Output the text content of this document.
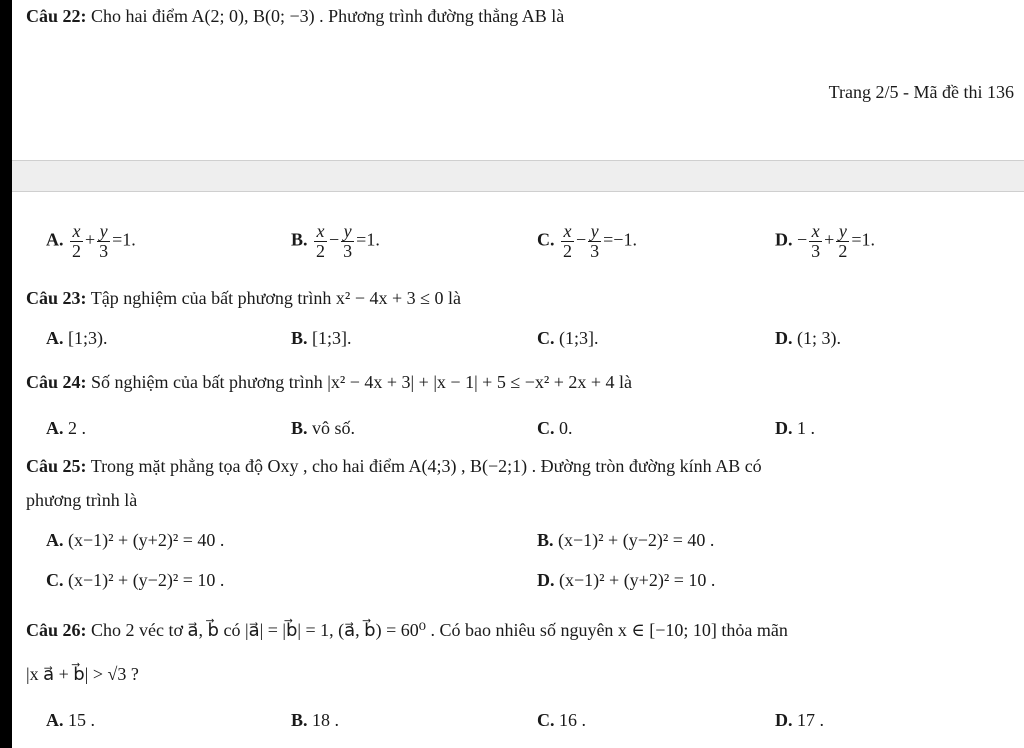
Câu 22: Cho hai điểm A(2; 0), B(0; −3) . Phương trình đường thẳng AB là
Trang 2/5 - Mã đề thi 136
A. $\frac{x}{2} + \frac{y}{3} =1$.	B. $\frac{x}{2} - \frac{y}{3} =1$.	C. $\frac{x}{2} - \frac{y}{3} =-1$.	D. − $\frac{x}{3} + \frac{y}{2} =1$.
Câu 23: Tập nghiệm của bất phương trình x² − 4x + 3 ≤ 0 là
A. [1;3).	B. [1;3].	C. (1;3].	D. (1; 3).
Câu 24: Số nghiệm của bất phương trình |x² − 4x + 3| + |x − 1| + 5 ≤ −x² + 2x + 4 là
A. 2 .	B. vô số.	C. 0.	D. 1 .
Câu 25: Trong mặt phẳng tọa độ Oxy , cho hai điểm A(4;3) , B(−2;1) . Đường tròn đường kính AB có
phương trình là
A. (x−1)² + (y+2)² = 40 .	B. (x−1)² + (y−2)² = 40 .
C. (x−1)² + (y−2)² = 10 .	D. (x−1)² + (y+2)² = 10 .
Câu 26: Cho 2 véc tơ a⃗, b⃗ có |a⃗| = |b⃗| = 1, (a⃗, b⃗) = 60⁰ . Có bao nhiêu số nguyên x ∈ [−10; 10] thỏa mãn
|x a⃗ + b⃗| > √3 ?
A. 15 .	B. 18 .	C. 16 .	D. 17 .
